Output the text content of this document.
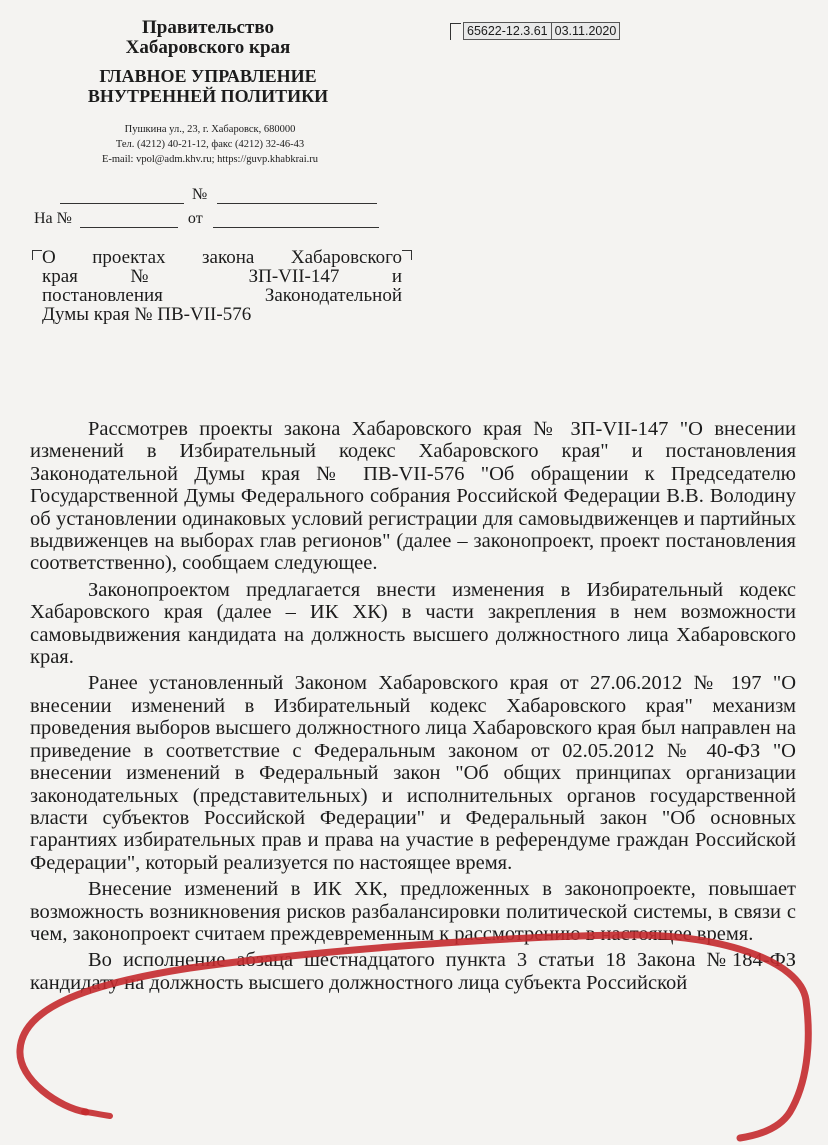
Правительство
Хабаровского края
ГЛАВНОЕ УПРАВЛЕНИЕ
ВНУТРЕННЕЙ ПОЛИТИКИ
Пушкина ул., 23, г. Хабаровск, 680000
Тел. (4212) 40-21-12, факс (4212) 32-46-43
E-mail: vpol@adm.khv.ru; https://guvp.khabkrai.ru
65622-12.3.61 03.11.2020
№
На №	от
О проектах закона Хабаровского
края № ЗП-VII-147 и
постановления Законодательной
Думы края № ПВ-VII-576

Рассмотрев проекты закона Хабаровского края № ЗП-VII-147 "О внесении изменений в Избирательный кодекс Хабаровского края" и постановления Законодательной Думы края № ПВ-VII-576 "Об обращении к Председателю Государственной Думы Федерального собрания Российской Федерации В.В. Володину об установлении одинаковых условий регистрации для самовыдвиженцев и партийных выдвиженцев на выборах глав регионов" (далее – законопроект, проект постановления соответственно), сообщаем следующее.

Законопроектом предлагается внести изменения в Избирательный кодекс Хабаровского края (далее – ИК ХК) в части закрепления в нем возможности самовыдвижения кандидата на должность высшего должностного лица Хабаровского края.

Ранее установленный Законом Хабаровского края от 27.06.2012 № 197 "О внесении изменений в Избирательный кодекс Хабаровского края" механизм проведения выборов высшего должностного лица Хабаровского края был направлен на приведение в соответствие с Федеральным законом от 02.05.2012 № 40-ФЗ "О внесении изменений в Федеральный закон "Об общих принципах организации законодательных (представительных) и исполнительных органов государственной власти субъектов Российской Федерации" и Федеральный закон "Об основных гарантиях избирательных прав и права на участие в референдуме граждан Российской Федерации", который реализуется по настоящее время.

Внесение изменений в ИК ХК, предложенных в законопроекте, повышает возможность возникновения рисков разбалансировки политической системы, в связи с чем, законопроект считаем преждевременным к рассмотрению в настоящее время.

Во исполнение абзаца шестнадцатого пункта 3 статьи 18 Закона №184-ФЗ кандидату на должность высшего должностного лица субъекта Российской
